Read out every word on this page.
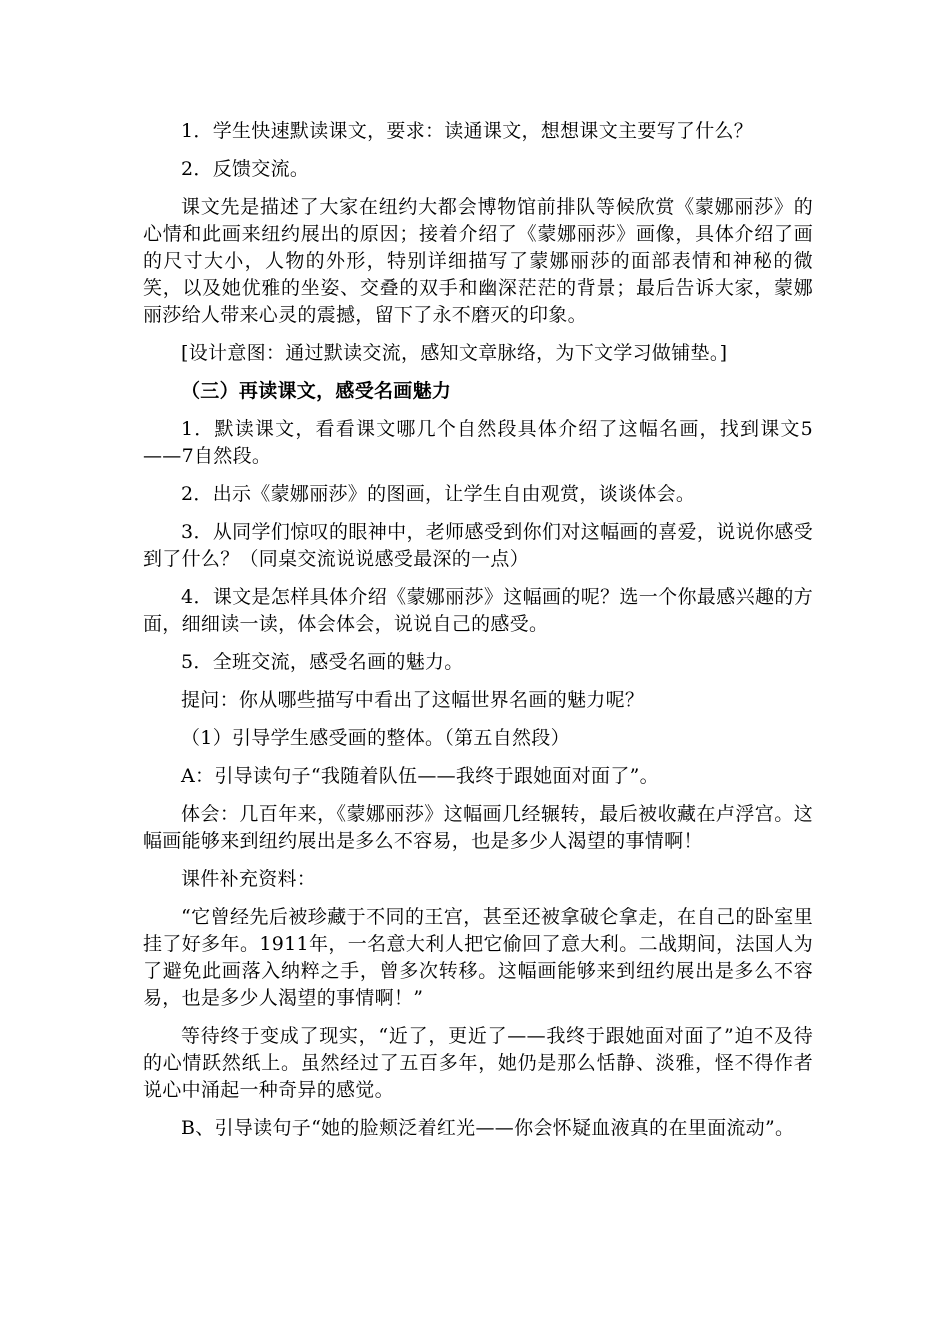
1．学生快速默读课文，要求：读通课文，想想课文主要写了什么？

2．反馈交流。

课文先是描述了大家在纽约大都会博物馆前排队等候欣赏《蒙娜丽莎》的心情和此画来纽约展出的原因；接着介绍了《蒙娜丽莎》画像，具体介绍了画的尺寸大小，人物的外形，特别详细描写了蒙娜丽莎的面部表情和神秘的微笑，以及她优雅的坐姿、交叠的双手和幽深茫茫的背景；最后告诉大家，蒙娜丽莎给人带来心灵的震撼，留下了永不磨灭的印象。

[设计意图：通过默读交流，感知文章脉络，为下文学习做铺垫。]

（三）再读课文，感受名画魅力

1．默读课文，看看课文哪几个自然段具体介绍了这幅名画，找到课文5——7自然段。

2．出示《蒙娜丽莎》的图画，让学生自由观赏，谈谈体会。

3．从同学们惊叹的眼神中，老师感受到你们对这幅画的喜爱，说说你感受到了什么？（同桌交流说说感受最深的一点）

4．课文是怎样具体介绍《蒙娜丽莎》这幅画的呢？选一个你最感兴趣的方面，细细读一读，体会体会，说说自己的感受。

5．全班交流，感受名画的魅力。

提问：你从哪些描写中看出了这幅世界名画的魅力呢？

（1）引导学生感受画的整体。（第五自然段）

A：引导读句子“我随着队伍——我终于跟她面对面了”。

体会：几百年来，《蒙娜丽莎》这幅画几经辗转，最后被收藏在卢浮宫。这幅画能够来到纽约展出是多么不容易，也是多少人渴望的事情啊！

课件补充资料：

“它曾经先后被珍藏于不同的王宫，甚至还被拿破仑拿走，在自己的卧室里挂了好多年。1911年，一名意大利人把它偷回了意大利。二战期间，法国人为了避免此画落入纳粹之手，曾多次转移。这幅画能够来到纽约展出是多么不容易，也是多少人渴望的事情啊！”

等待终于变成了现实，“近了，更近了——我终于跟她面对面了”迫不及待的心情跃然纸上。虽然经过了五百多年，她仍是那么恬静、淡雅，怪不得作者说心中涌起一种奇异的感觉。

B、引导读句子“她的脸颊泛着红光——你会怀疑血液真的在里面流动”。
